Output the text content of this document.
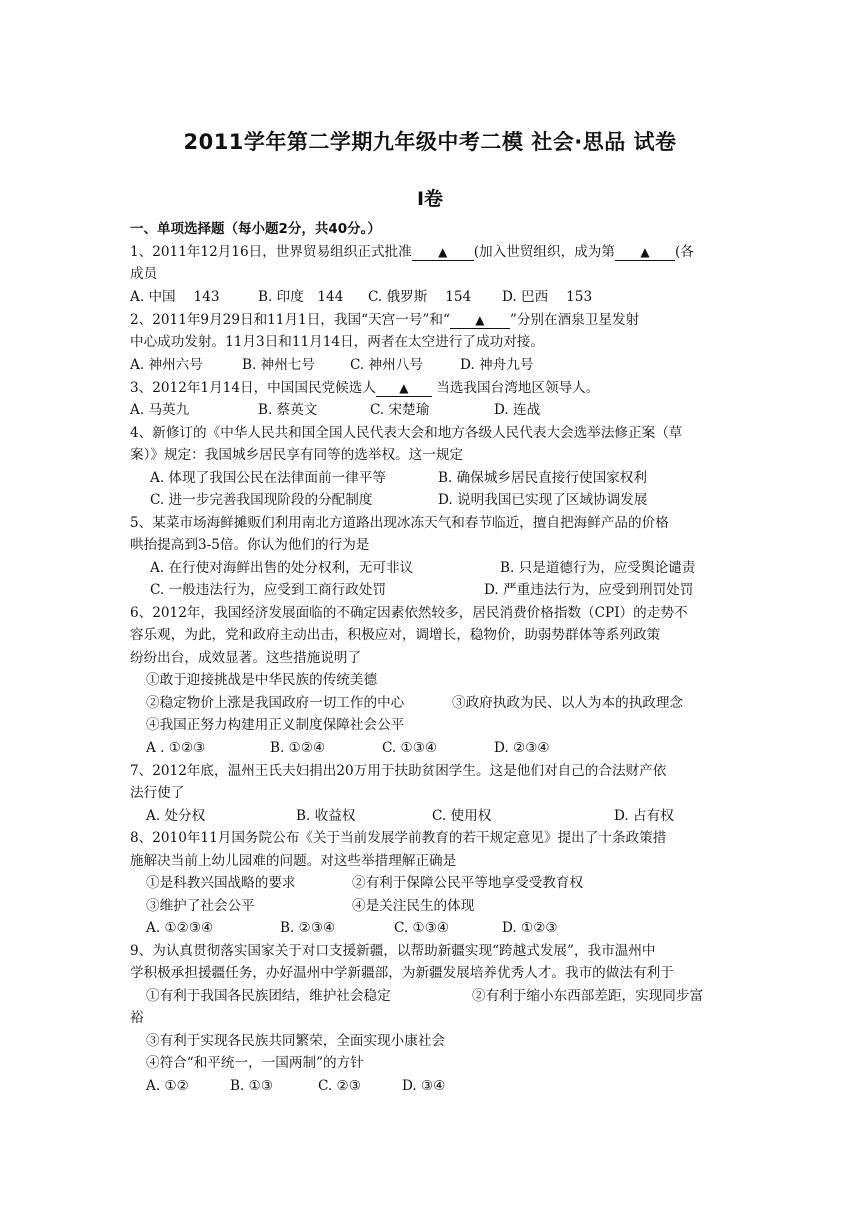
2011学年第二学期九年级中考二模 社会·思品 试卷
I卷
一、单项选择题（每小题2分，共40分。）
1、2011年12月16日，世界贸易组织正式批准 ▲ (加入世贸组织，成为第 ▲ (各
成员
A. 中国　 143	B. 印度　144 C. 俄罗斯　 154 D. 巴西　 153
2、2011年9月29日和11月1日，我国“天宫一号”和“ ▲ ”分别在酒泉卫星发射
中心成功发射。11月3日和11月14日，两者在太空进行了成功对接。
A. 神州六号	B. 神州七号	C. 神州八号	D. 神舟九号
3、2012年1月14日，中国国民党候选人 ▲ 当选我国台湾地区领导人。
A. 马英九	B. 蔡英文	C. 宋楚瑜	D. 连战
4、新修订的《中华人民共和国全国人民代表大会和地方各级人民代表大会选举法修正案（草
案）》规定：我国城乡居民享有同等的选举权。这一规定
A. 体现了我国公民在法律面前一律平等	B. 确保城乡居民直接行使国家权利
C. 进一步完善我国现阶段的分配制度	D. 说明我国已实现了区域协调发展
5、某菜市场海鲜摊贩们利用南北方道路出现冰冻天气和春节临近，擅自把海鲜产品的价格
哄抬提高到3-5倍。你认为他们的行为是
A. 在行使对海鲜出售的处分权利，无可非议	B. 只是道德行为，应受舆论谴责
C. 一般违法行为，应受到工商行政处罚	D. 严重违法行为，应受到刑罚处罚
6、2012年，我国经济发展面临的不确定因素依然较多，居民消费价格指数（CPI）的走势不
容乐观，为此，党和政府主动出击，积极应对，调增长，稳物价，助弱势群体等系列政策
纷纷出台，成效显著。这些措施说明了
①敢于迎接挑战是中华民族的传统美德
②稳定物价上涨是我国政府一切工作的中心	③政府执政为民、以人为本的执政理念
④我国正努力构建用正义制度保障社会公平
A . ①②③	B. ①②④	C. ①③④	D. ②③④
7、2012年底，温州王氏夫妇捐出20万用于扶助贫困学生。这是他们对自己的合法财产依
法行使了
A. 处分权	B. 收益权	C. 使用权	D. 占有权
8、2010年11月国务院公布《关于当前发展学前教育的若干规定意见》提出了十条政策措
施解决当前上幼儿园难的问题。对这些举措理解正确是
①是科教兴国战略的要求	②有利于保障公民平等地享受受教育权
③维护了社会公平	④是关注民生的体现
A. ①②③④	B. ②③④	C. ①③④	D. ①②③
9、为认真贯彻落实国家关于对口支援新疆，以帮助新疆实现“跨越式发展”，我市温州中
学积极承担援疆任务，办好温州中学新疆部，为新疆发展培养优秀人才。我市的做法有利于
①有利于我国各民族团结，维护社会稳定	②有利于缩小东西部差距，实现同步富
裕
③有利于实现各民族共同繁荣，全面实现小康社会
④符合“和平统一，一国两制”的方针
A. ①②	B. ①③	C. ②③	D. ③④
